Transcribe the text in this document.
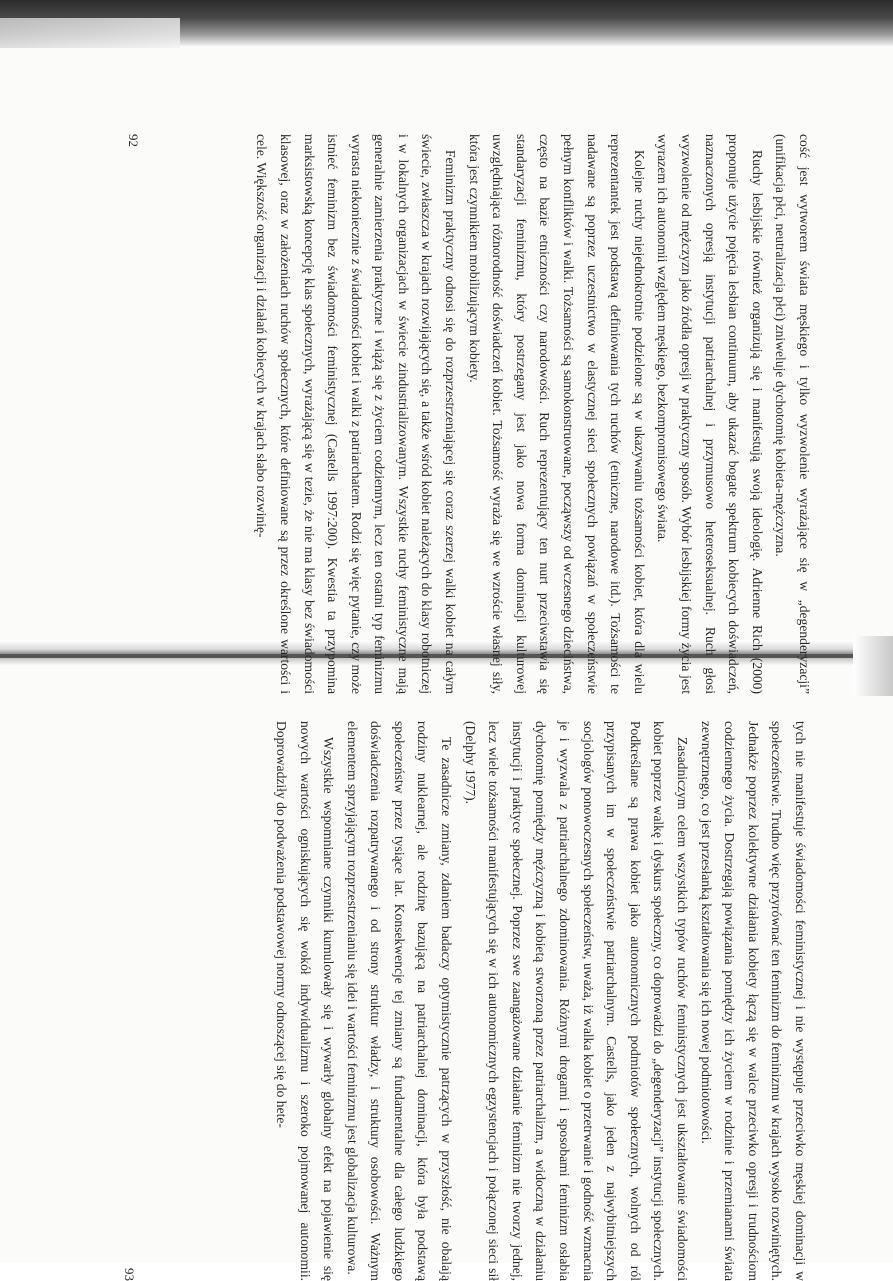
cość jest wytworem świata męskiego i tylko wyzwolenie wyrażające się w „degenderyzacji” (unifikacja płci, neutralizacja płci) zniweluje dychotomię kobieta-mężczyzna.

Ruchy lesbijskie również organizują się i manifestują swoją ideologię. Adrienne Rich (2000) proponuje użycie pojęcia lesbian continuum, aby ukazać bogate spektrum kobiecych doświadczeń, naznaczonych opresją instytucji patriarchalnej i przymusowo heteroseksualnej. Ruch głosi wyzwolenie od mężczyzn jako źródła opresji w praktyczny sposób. Wybór lesbijskiej formy życia jest wyrazem ich autonomii względem męskiego, bezkompromisowego świata.

Kolejne ruchy niejednokrotnie podzielone są w ukazywaniu tożsamości kobiet, która dla wielu reprezentantek jest podstawą definiowania tych ruchów (etniczne, narodowe itd.). Tożsamości te nadawane są poprzez uczestnictwo w elastycznej sieci społecznych powiązań w społeczeństwie pełnym konfliktów i walki. Tożsamości są samokonstruowane, począwszy od wczesnego dzieciństwa, często na bazie etniczności czy narodowości. Ruch reprezentujący ten nurt przeciwstawia się standaryzacji feminizmu, który postrzegany jest jako nowa forma dominacji kulturowej uwzględniająca różnorodność doświadczeń kobiet. Tożsamość wyraża się we wzroście własnej siły, która jest czynnikiem mobilizującym kobiety.

Feminizm praktyczny odnosi się do rozprzestrzeniającej się coraz szerzej walki kobiet na całym świecie, zwłaszcza w krajach rozwijających się, a także wśród kobiet należących do klasy robotniczej i w lokalnych organizacjach w świecie zindustrializowanym. Wszystkie ruchy feministyczne mają generalnie zamierzenia praktyczne i wiążą się z życiem codziennym, lecz ten ostatni typ feminizmu wyrasta niekoniecznie z świadomości kobiet i walki z patriarchatem. Rodzi się więc pytanie, czy może istnieć feminizm bez świadomości feministycznej (Castells 1997:200). Kwestia ta przypomina marksistowską koncepcję klas społecznych, wyrażającą się w tezie, że nie ma klasy bez świadomości klasowej, oraz w założeniach ruchów społecznych, które definiowane są przez określone wartości i cele. Większość organizacji i działań kobiecych w krajach słabo rozwinię-

92

tych nie manifestuje świadomości feministycznej i nie występuje przeciwko męskiej dominacji w społeczeństwie. Trudno więc przyrównać ten feminizm do feminizmu w krajach wysoko rozwiniętych. Jednakże poprzez kolektywne działania kobiety łączą się w walce przeciwko opresji i trudnościom codziennego życia. Dostrzegają powiązania pomiędzy ich życiem w rodzinie i przemianami świata zewnętrznego, co jest przesłanką kształtowania się ich nowej podmiotowości.

Zasadniczym celem wszystkich typów ruchów feministycznych jest ukształtowanie świadomości kobiet poprzez walkę i dyskurs społeczny, co doprowadzi do „degenderyzacji” instytucji społecznych. Podkreślane są prawa kobiet jako autonomicznych podmiotów społecznych, wolnych od ról przypisanych im w społeczeństwie patriarchalnym. Castells, jako jeden z najwybitniejszych socjologów ponowoczesnych społeczeństw, uważa, iż walka kobiet o przetrwanie i godność wzmacnia je i wyzwala z patriarchalnego zdominowania. Różnymi drogami i sposobami feminizm osłabia dychotomię pomiędzy mężczyzną i kobietą stworzoną przez patriarchalizm, a widoczną w działaniu instytucji i praktyce społecznej. Poprzez swe zaangażowane działanie feminizm nie tworzy jednej, lecz wiele tożsamości manifestujących się w ich autonomicznych egzystencjach i połączonej sieci sił (Delphy 1977).

Te zasadnicze zmiany, zdaniem badaczy optymistycznie patrzących w przyszłość, nie obalają rodziny nuklearnej, ale rodzinę bazującą na patriarchalnej dominacji, która była podstawą społeczeństw przez tysiące lat. Konsekwencje tej zmiany są fundamentalne dla całego ludzkiego doświadczenia rozpatrywanego i od strony struktur władzy, i struktury osobowości. Ważnym elementem sprzyjającym rozprzestrzenianiu się idei i wartości feminizmu jest globalizacja kulturowa.

Wszystkie wspomniane czynniki kumulowały się i wywarły globalny efekt na pojawienie się nowych wartości ogniskujących się wokół indywidualizmu i szeroko pojmowanej autonomii. Doprowadziły do podważenia podstawowej normy odnoszącej się do hete-

93
